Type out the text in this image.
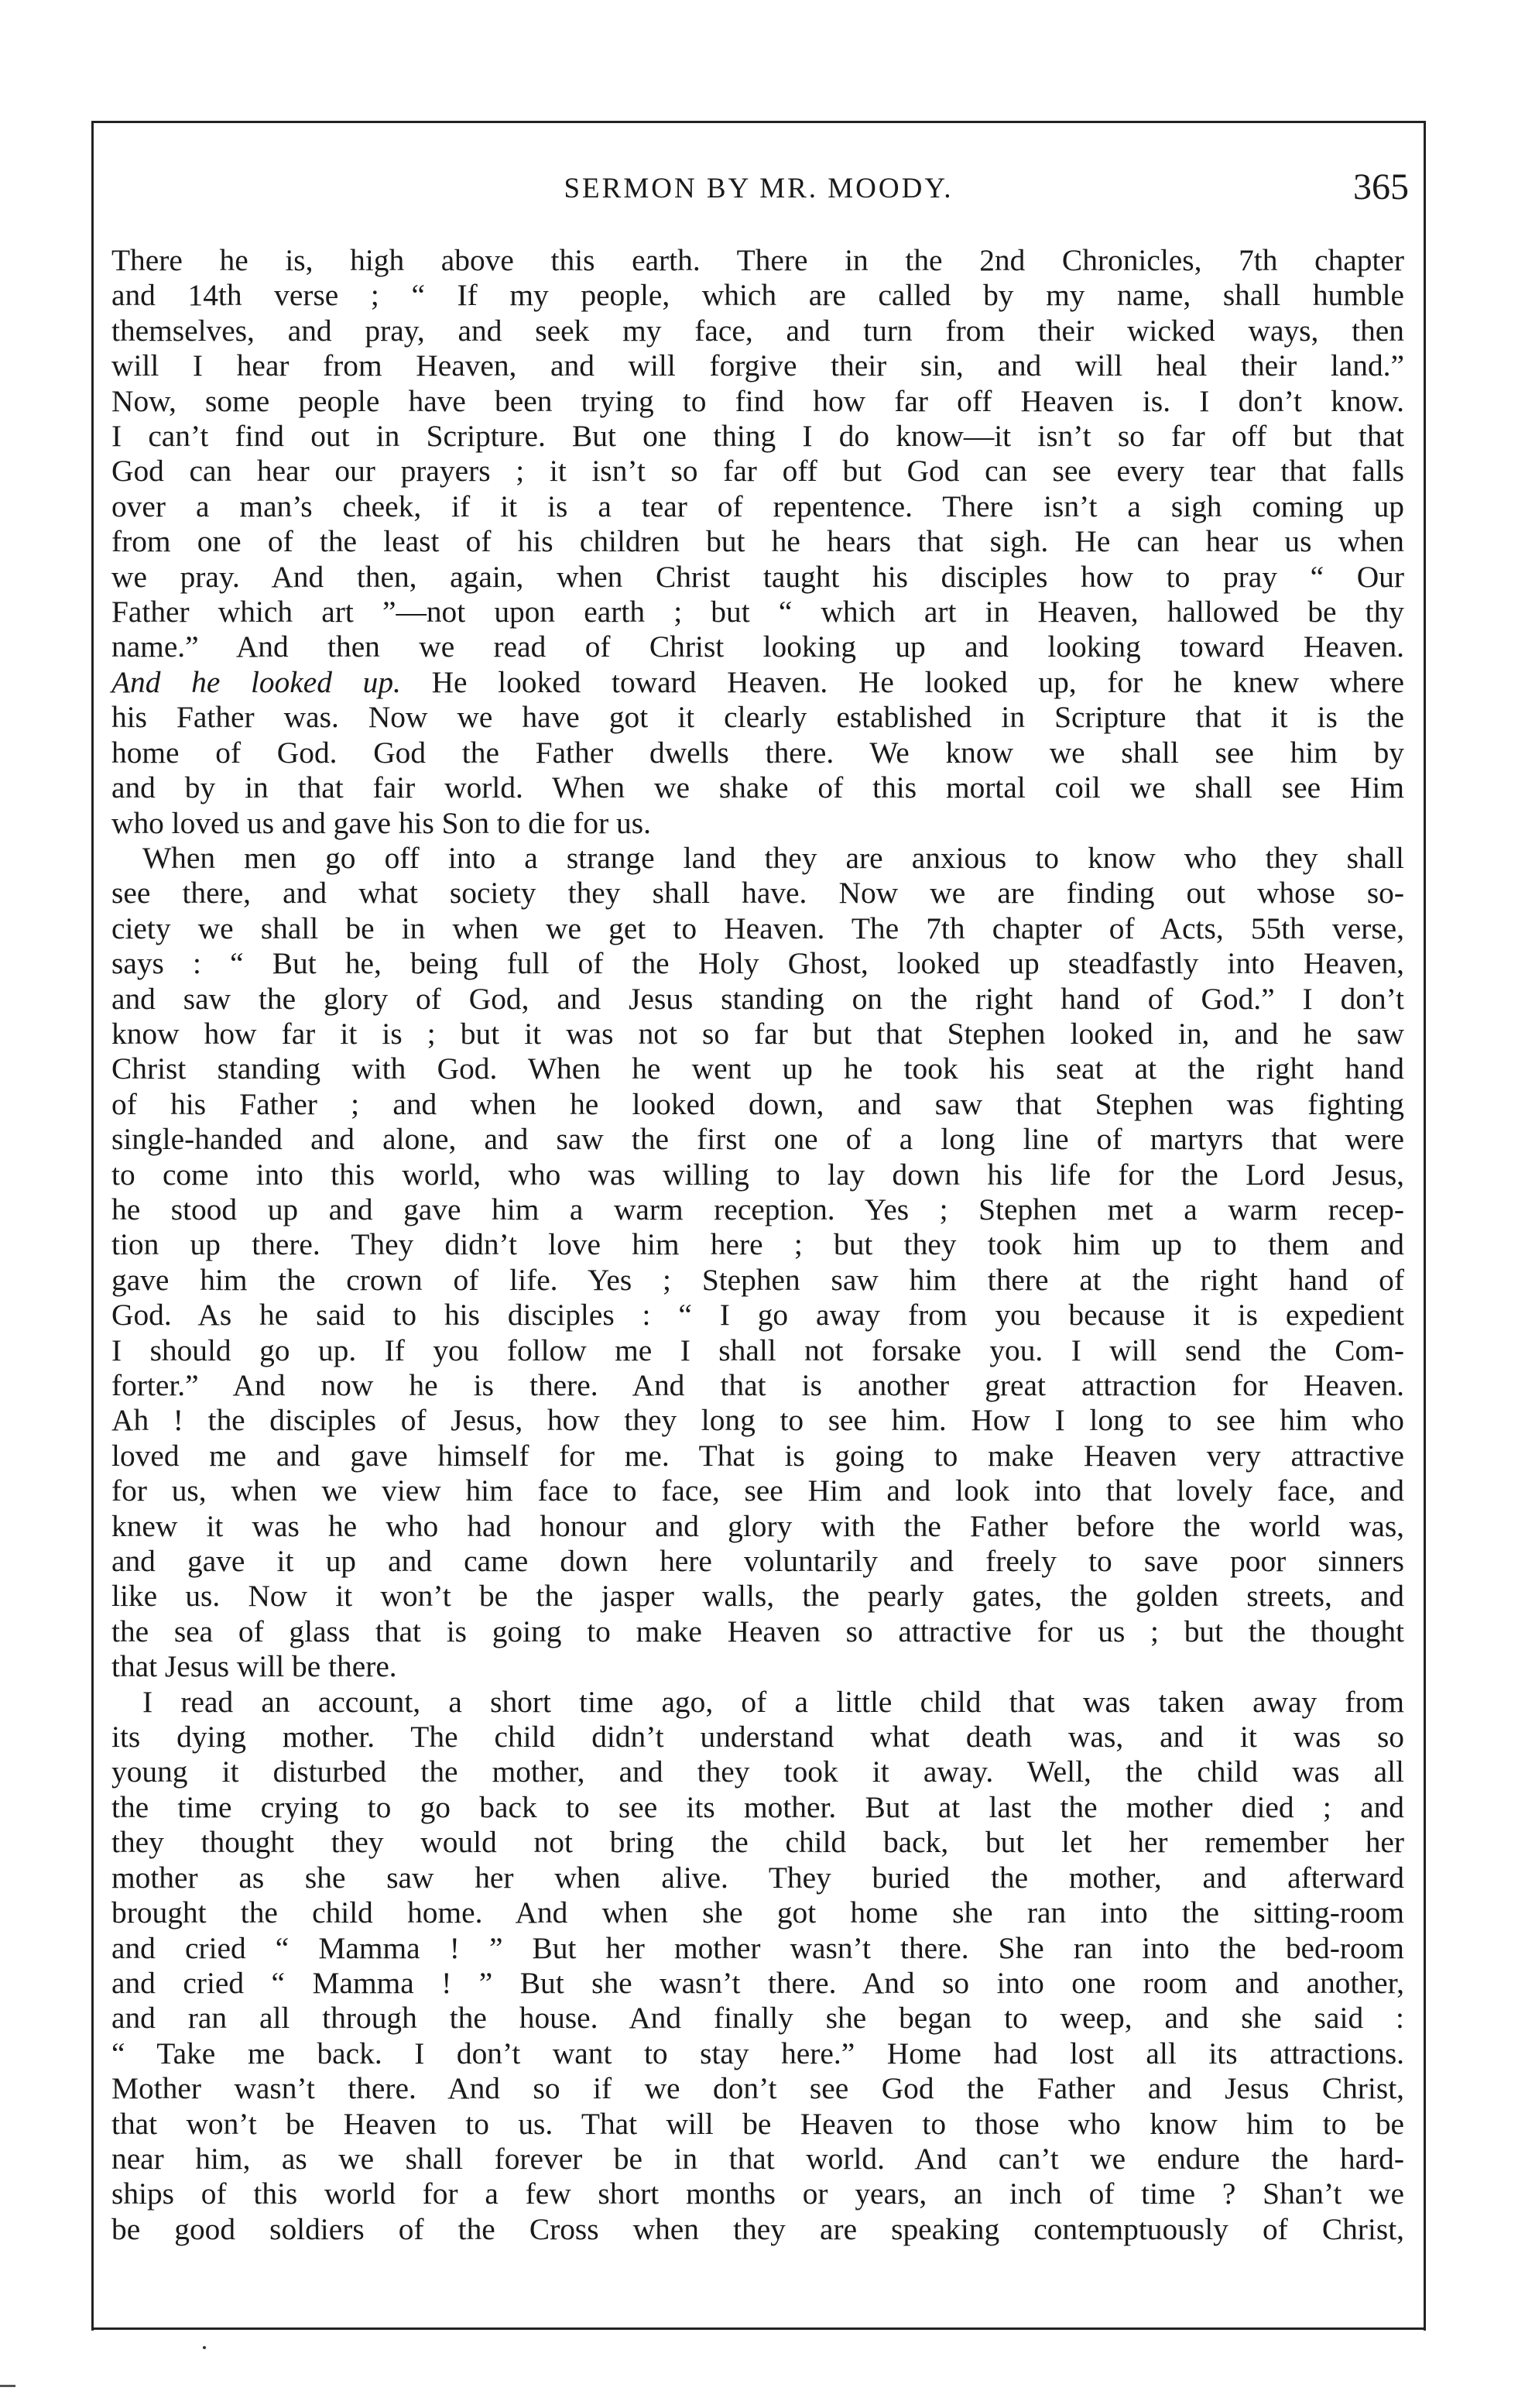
SERMON BY MR. MOODY.	365
There he is, high above this earth. There in the 2nd Chronicles, 7th chapter
and 14th verse ; “ If my people, which are called by my name, shall humble
themselves, and pray, and seek my face, and turn from their wicked ways, then
will I hear from Heaven, and will forgive their sin, and will heal their land.”
Now, some people have been trying to find how far off Heaven is. I don’t know.
I can’t find out in Scripture. But one thing I do know—it isn’t so far off but that
God can hear our prayers ; it isn’t so far off but God can see every tear that falls
over a man’s cheek, if it is a tear of repentence. There isn’t a sigh coming up
from one of the least of his children but he hears that sigh. He can hear us when
we pray. And then, again, when Christ taught his disciples how to pray “ Our
Father which art ”—not upon earth ; but “ which art in Heaven, hallowed be thy
name.” And then we read of Christ looking up and looking toward Heaven.
And he looked up. He looked toward Heaven. He looked up, for he knew where
his Father was. Now we have got it clearly established in Scripture that it is the
home of God. God the Father dwells there. We know we shall see him by
and by in that fair world. When we shake of this mortal coil we shall see Him
who loved us and gave his Son to die for us.
When men go off into a strange land they are anxious to know who they shall
see there, and what society they shall have. Now we are finding out whose so-
ciety we shall be in when we get to Heaven. The 7th chapter of Acts, 55th verse,
says : “ But he, being full of the Holy Ghost, looked up steadfastly into Heaven,
and saw the glory of God, and Jesus standing on the right hand of God.” I don’t
know how far it is ; but it was not so far but that Stephen looked in, and he saw
Christ standing with God. When he went up he took his seat at the right hand
of his Father ; and when he looked down, and saw that Stephen was fighting
single-handed and alone, and saw the first one of a long line of martyrs that were
to come into this world, who was willing to lay down his life for the Lord Jesus,
he stood up and gave him a warm reception. Yes ; Stephen met a warm recep-
tion up there. They didn’t love him here ; but they took him up to them and
gave him the crown of life. Yes ; Stephen saw him there at the right hand of
God. As he said to his disciples : “ I go away from you because it is expedient
I should go up. If you follow me I shall not forsake you. I will send the Com-
forter.” And now he is there. And that is another great attraction for Heaven.
Ah ! the disciples of Jesus, how they long to see him. How I long to see him who
loved me and gave himself for me. That is going to make Heaven very attractive
for us, when we view him face to face, see Him and look into that lovely face, and
knew it was he who had honour and glory with the Father before the world was,
and gave it up and came down here voluntarily and freely to save poor sinners
like us. Now it won’t be the jasper walls, the pearly gates, the golden streets, and
the sea of glass that is going to make Heaven so attractive for us ; but the thought
that Jesus will be there.
I read an account, a short time ago, of a little child that was taken away from
its dying mother. The child didn’t understand what death was, and it was so
young it disturbed the mother, and they took it away. Well, the child was all
the time crying to go back to see its mother. But at last the mother died ; and
they thought they would not bring the child back, but let her remember her
mother as she saw her when alive. They buried the mother, and afterward
brought the child home. And when she got home she ran into the sitting-room
and cried “ Mamma ! ” But her mother wasn’t there. She ran into the bed-room
and cried “ Mamma ! ” But she wasn’t there. And so into one room and another,
and ran all through the house. And finally she began to weep, and she said :
“ Take me back. I don’t want to stay here.” Home had lost all its attractions.
Mother wasn’t there. And so if we don’t see God the Father and Jesus Christ,
that won’t be Heaven to us. That will be Heaven to those who know him to be
near him, as we shall forever be in that world. And can’t we endure the hard-
ships of this world for a few short months or years, an inch of time ? Shan’t we
be good soldiers of the Cross when they are speaking contemptuously of Christ,
